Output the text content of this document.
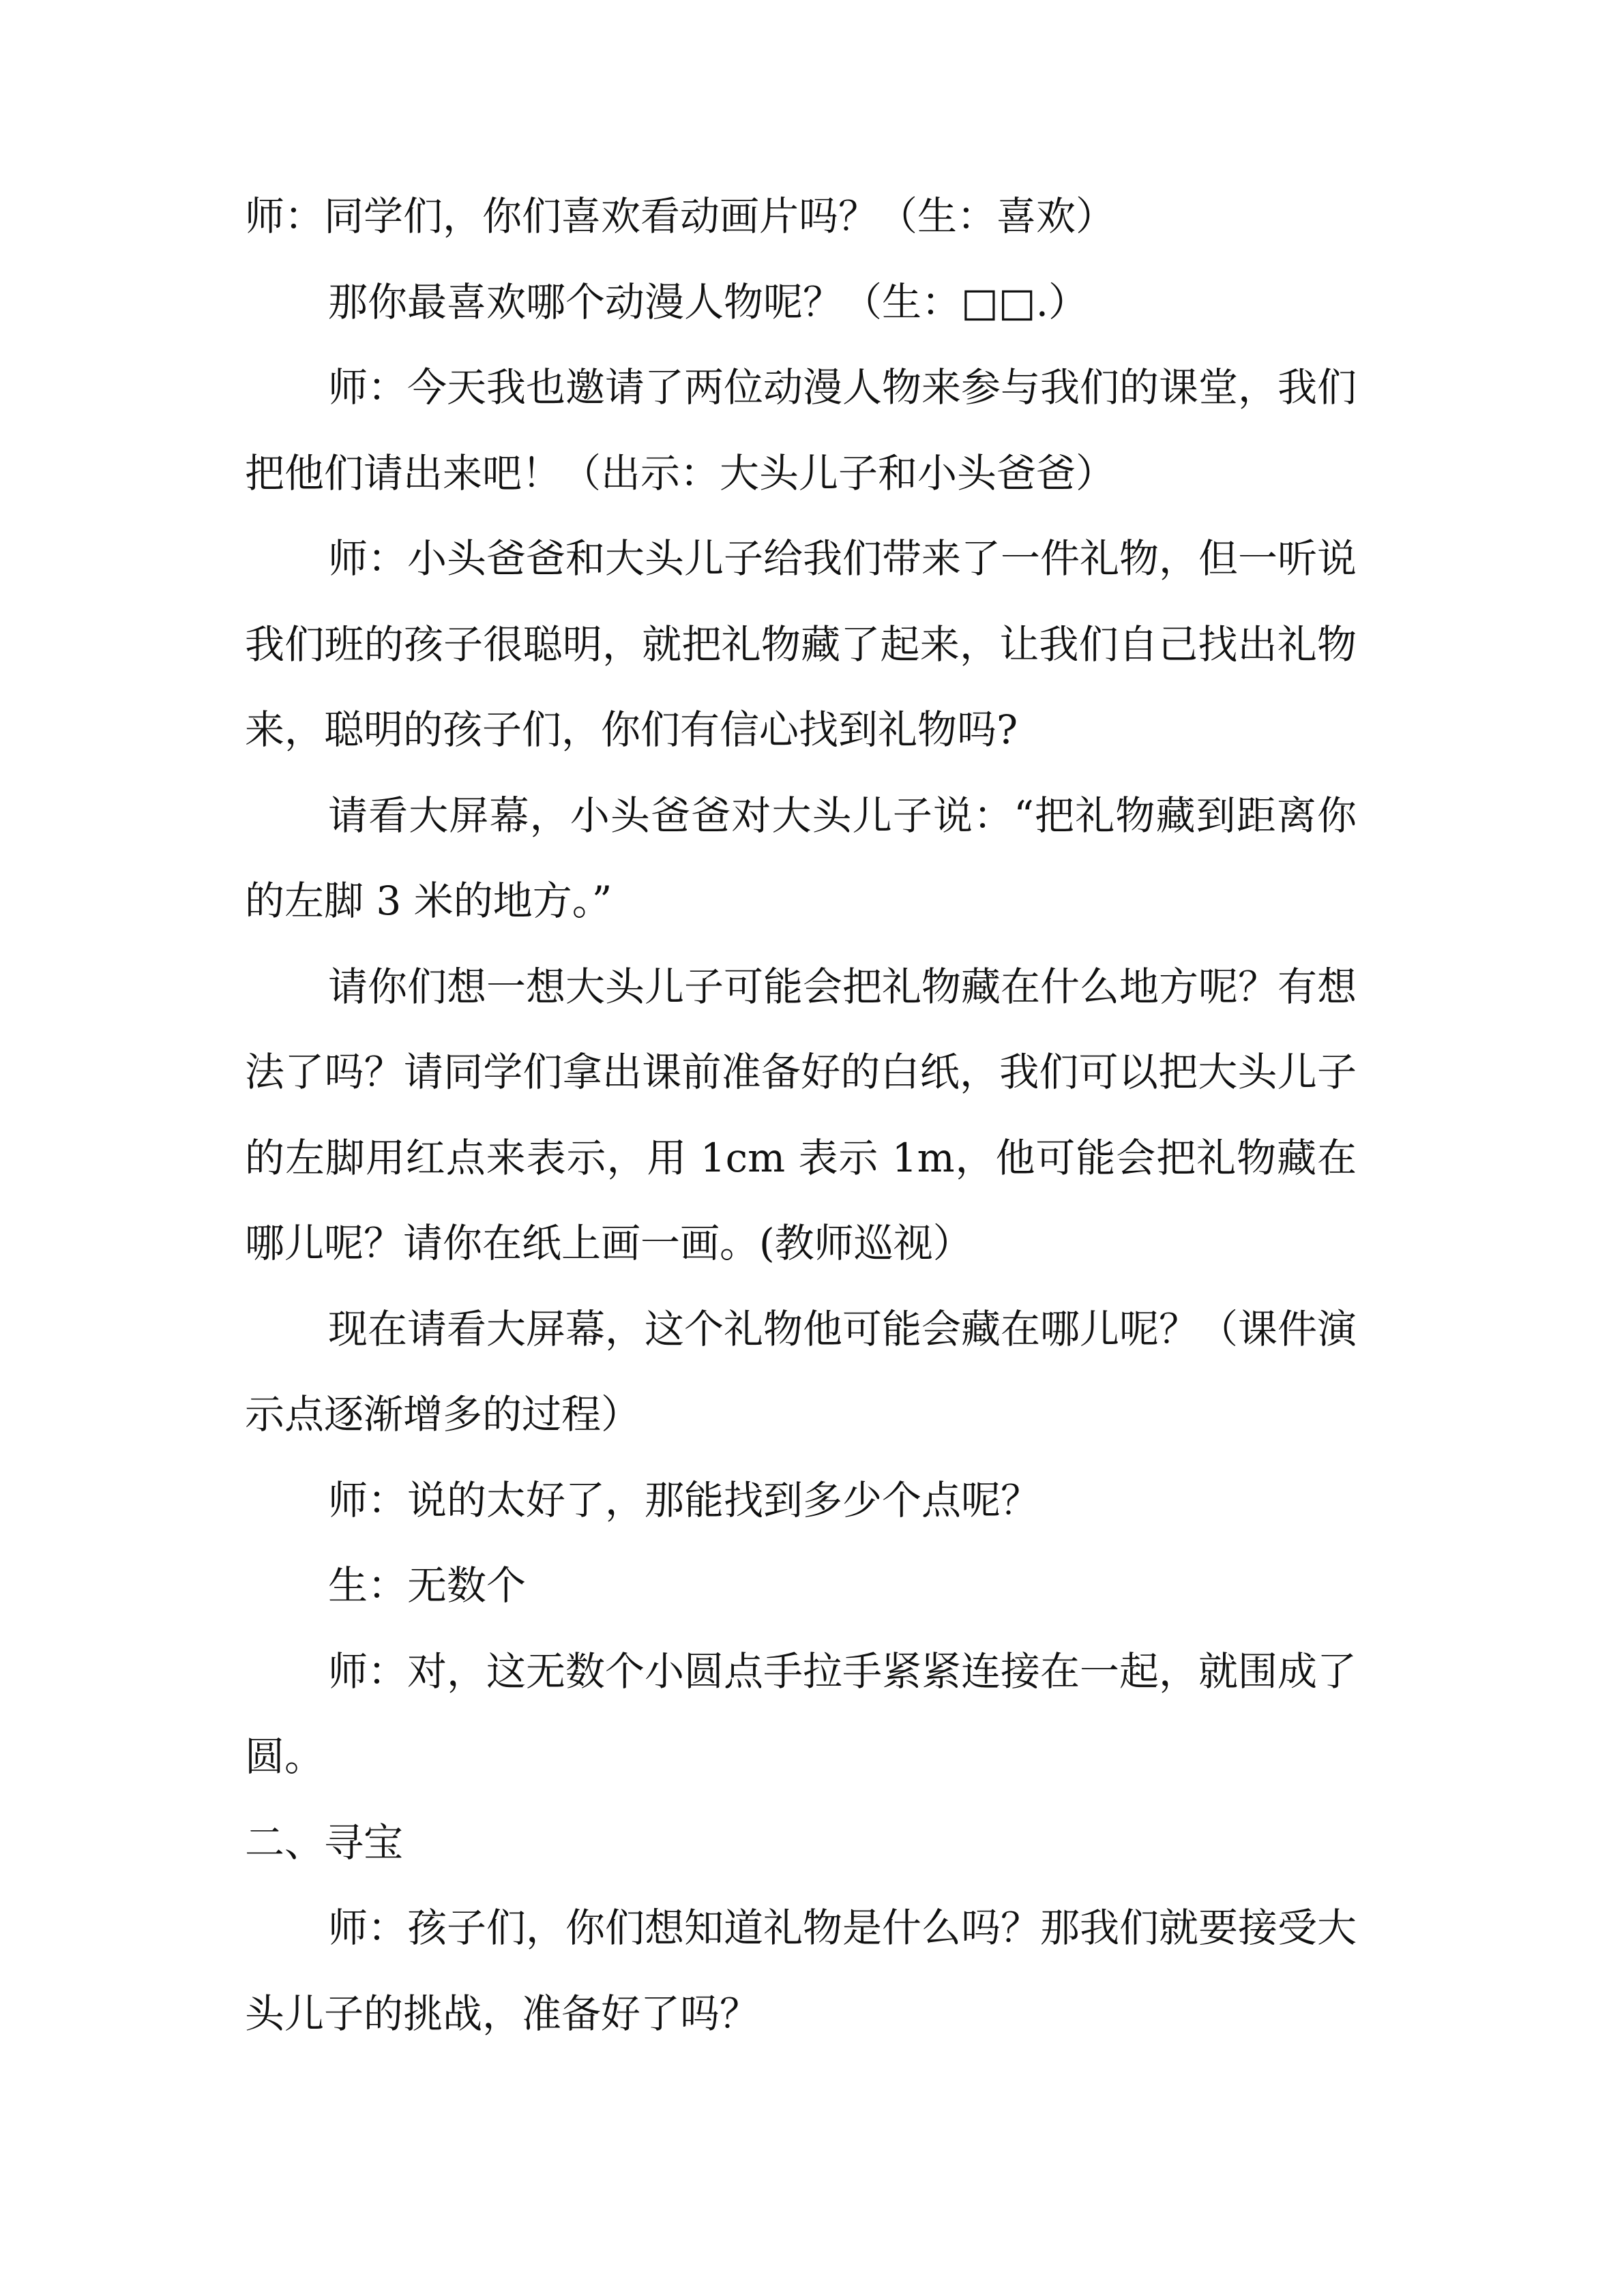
师：同学们，你们喜欢看动画片吗？（生：喜欢）

那你最喜欢哪个动漫人物呢？（生：□□.）

师：今天我也邀请了两位动漫人物来参与我们的课堂，我们把他们请出来吧！（出示：大头儿子和小头爸爸）

师：小头爸爸和大头儿子给我们带来了一件礼物，但一听说我们班的孩子很聪明，就把礼物藏了起来，让我们自己找出礼物来，聪明的孩子们，你们有信心找到礼物吗?

请看大屏幕，小头爸爸对大头儿子说：“把礼物藏到距离你的左脚 3 米的地方。”

请你们想一想大头儿子可能会把礼物藏在什么地方呢？有想法了吗？请同学们拿出课前准备好的白纸，我们可以把大头儿子的左脚用红点来表示，用 1cm 表示 1m，他可能会把礼物藏在哪儿呢？请你在纸上画一画。(教师巡视）

现在请看大屏幕，这个礼物他可能会藏在哪儿呢？（课件演示点逐渐增多的过程）

师：说的太好了，那能找到多少个点呢？

生：无数个

师：对，这无数个小圆点手拉手紧紧连接在一起，就围成了圆。

二、寻宝

师：孩子们，你们想知道礼物是什么吗？那我们就要接受大头儿子的挑战，准备好了吗？
